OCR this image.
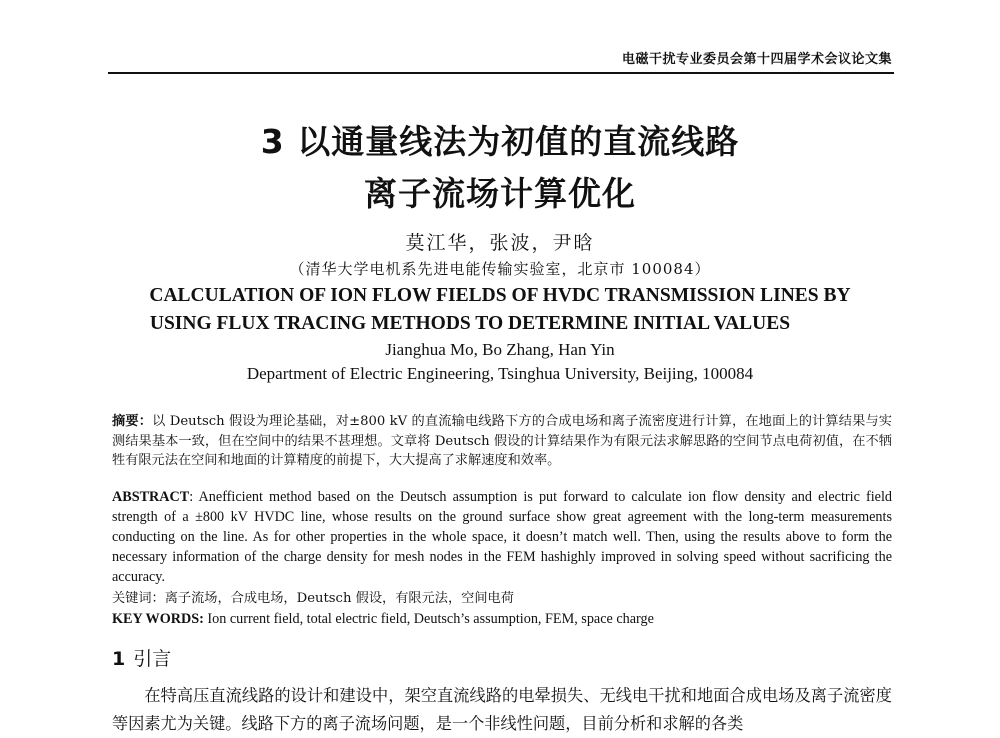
电磁干扰专业委员会第十四届学术会议论文集
3 以通量线法为初值的直流线路
离子流场计算优化
莫江华，张波，尹晗
（清华大学电机系先进电能传输实验室，北京市 100084）
CALCULATION OF ION FLOW FIELDS OF HVDC TRANSMISSION LINES BY
USING FLUX TRACING METHODS TO DETERMINE INITIAL VALUES
Jianghua Mo, Bo Zhang, Han Yin
Department of Electric Engineering, Tsinghua University, Beijing, 100084
摘要：以 Deutsch 假设为理论基础，对±800 kV 的直流输电线路下方的合成电场和离子流密度进行计算，在地面上的计算结果与实测结果基本一致，但在空间中的结果不甚理想。文章将 Deutsch 假设的计算结果作为有限元法求解思路的空间节点电荷初值，在不牺牲有限元法在空间和地面的计算精度的前提下，大大提高了求解速度和效率。
ABSTRACT: Anefficient method based on the Deutsch assumption is put forward to calculate ion flow density and electric field strength of a ±800 kV HVDC line, whose results on the ground surface show great agreement with the long-term measurements conducting on the line. As for other properties in the whole space, it doesn’t match well. Then, using the results above to form the necessary information of the charge density for mesh nodes in the FEM hashighly improved in solving speed without sacrificing the accuracy.
关键词：离子流场，合成电场，Deutsch 假设，有限元法，空间电荷
KEY WORDS: Ion current field, total electric field, Deutsch’s assumption, FEM, space charge
1 引言
在特高压直流线路的设计和建设中，架空直流线路的电晕损失、无线电干扰和地面合成电场及离子流密度等因素尤为关键。线路下方的离子流场问题，是一个非线性问题，目前分析和求解的各类
